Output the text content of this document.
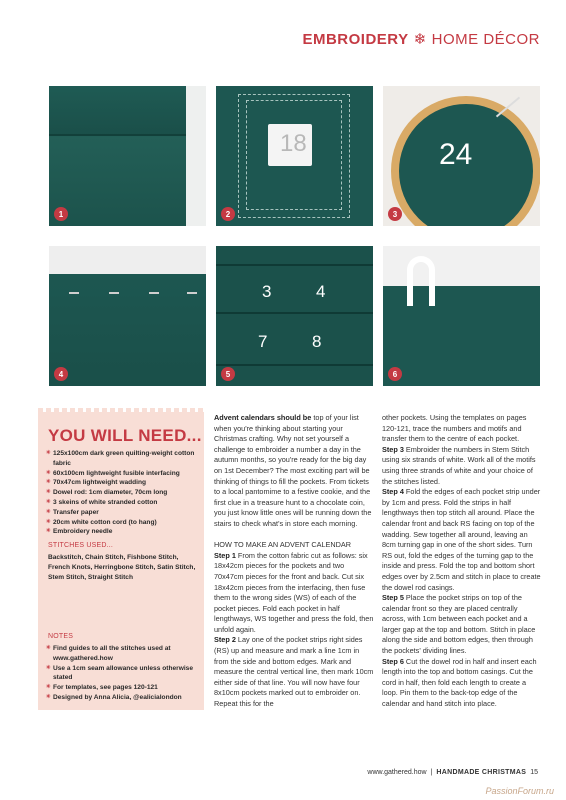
EMBROIDERY ❄ HOME DÉCOR
1
18
2
24
3
4
3	4
7	8
5	6
YOU WILL NEED...
✳ 125x100cm dark green quilting-weight cotton fabric
✳ 60x100cm lightweight fusible interfacing
✳ 70x47cm lightweight wadding
✳ Dowel rod: 1cm diameter, 70cm long
✳ 3 skeins of white stranded cotton
✳ Transfer paper
✳ 20cm white cotton cord (to hang)
✳ Embroidery needle
STITCHES USED...
Backstitch, Chain Stitch, Fishbone Stitch, French Knots, Herringbone Stitch, Satin Stitch, Stem Stitch, Straight Stitch
NOTES
✳ Find guides to all the stitches used at www.gathered.how
✳ Use a 1cm seam allowance unless otherwise stated
✳ For templates, see pages 120-121
✳ Designed by Anna Alicia, @ealicialondon

Advent calendars should be top of your list when you're thinking about starting your Christmas crafting. Why not set yourself a challenge to embroider a number a day in the autumn months, so you're ready for the big day on 1st December? The most exciting part will be thinking of things to fill the pockets. From tickets to a local pantomime to a festive cookie, and the first clue in a treasure hunt to a chocolate coin, you just know little ones will be running down the stairs to check what's in store each morning.

HOW TO MAKE AN ADVENT CALENDAR

Step 1 From the cotton fabric cut as follows: six 18x42cm pieces for the pockets and two 70x47cm pieces for the front and back. Cut six 18x42cm pieces from the interfacing, then fuse them to the wrong sides (WS) of each of the pocket pieces. Fold each pocket in half lengthways, WS together and press the fold, then unfold again.

Step 2 Lay one of the pocket strips right sides (RS) up and measure and mark a line 1cm in from the side and bottom edges. Mark and measure the central vertical line, then mark 10cm either side of that line. You will now have four 8x10cm pockets marked out to embroider on. Repeat this for the

other pockets. Using the templates on pages 120-121, trace the numbers and motifs and transfer them to the centre of each pocket.

Step 3 Embroider the numbers in Stem Stitch using six strands of white. Work all of the motifs using three strands of white and your choice of the stitches listed.

Step 4 Fold the edges of each pocket strip under by 1cm and press. Fold the strips in half lengthways then top stitch all around. Place the calendar front and back RS facing on top of the wadding. Sew together all around, leaving an 8cm turning gap in one of the short sides. Turn RS out, fold the edges of the turning gap to the inside and press. Fold the top and bottom short edges over by 2.5cm and stitch in place to create the dowel rod casings.

Step 5 Place the pocket strips on top of the calendar front so they are placed centrally across, with 1cm between each pocket and a larger gap at the top and bottom. Stitch in place along the side and bottom edges, then through the pockets' dividing lines.

Step 6 Cut the dowel rod in half and insert each length into the top and bottom casings. Cut the cord in half, then fold each length to create a loop. Pin them to the back-top edge of the calendar and hand stitch into place.

www.gathered.how | HANDMADE CHRISTMAS 15
PassionForum.ru
